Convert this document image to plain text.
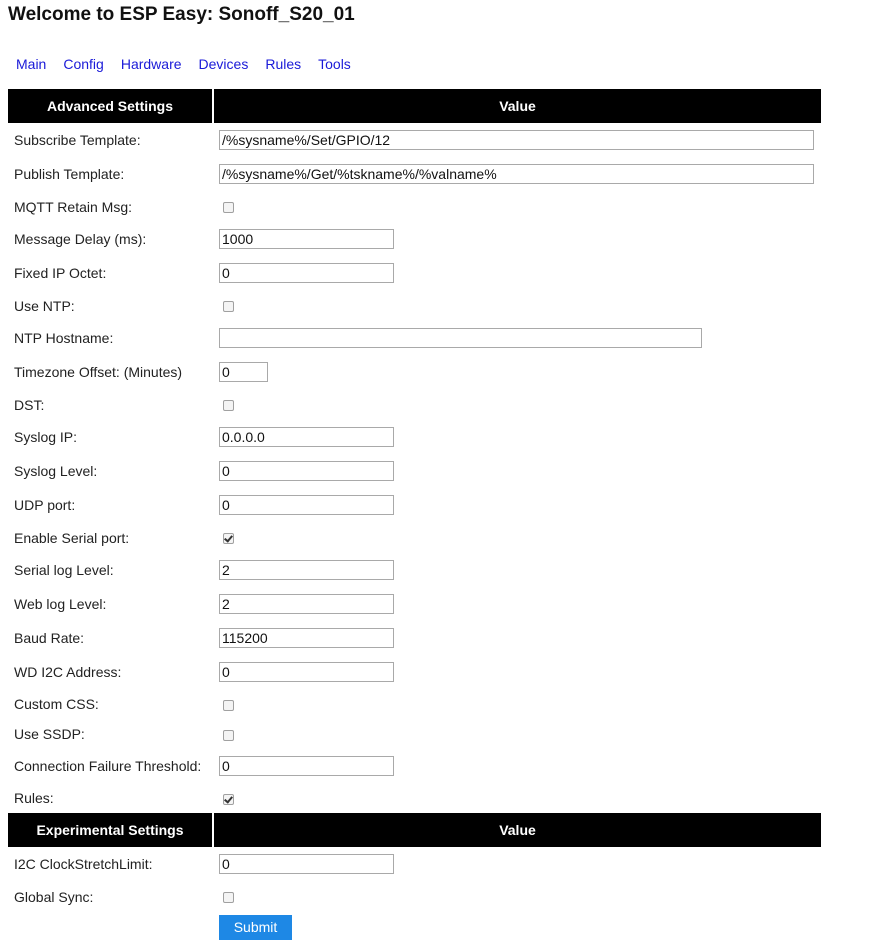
Welcome to ESP Easy: Sonoff_S20_01
Main	Config	Hardware	Devices	Rules	Tools
Advanced Settings	Value
Subscribe Template:	/%sysname%/Set/GPIO/12
Publish Template:	/%sysname%/Get/%tskname%/%valname%
MQTT Retain Msg:	
Message Delay (ms):	1000
Fixed IP Octet:	0
Use NTP:	
NTP Hostname:	
Timezone Offset: (Minutes)	0
DST:	
Syslog IP:	0.0.0.0
Syslog Level:	0
UDP port:	0
Enable Serial port:	
Serial log Level:	2
Web log Level:	2
Baud Rate:	115200
WD I2C Address:	0
Custom CSS:	
Use SSDP:	
Connection Failure Threshold:	0
Rules:	
Experimental Settings	Value
I2C ClockStretchLimit:	0
Global Sync:	
	Submit
